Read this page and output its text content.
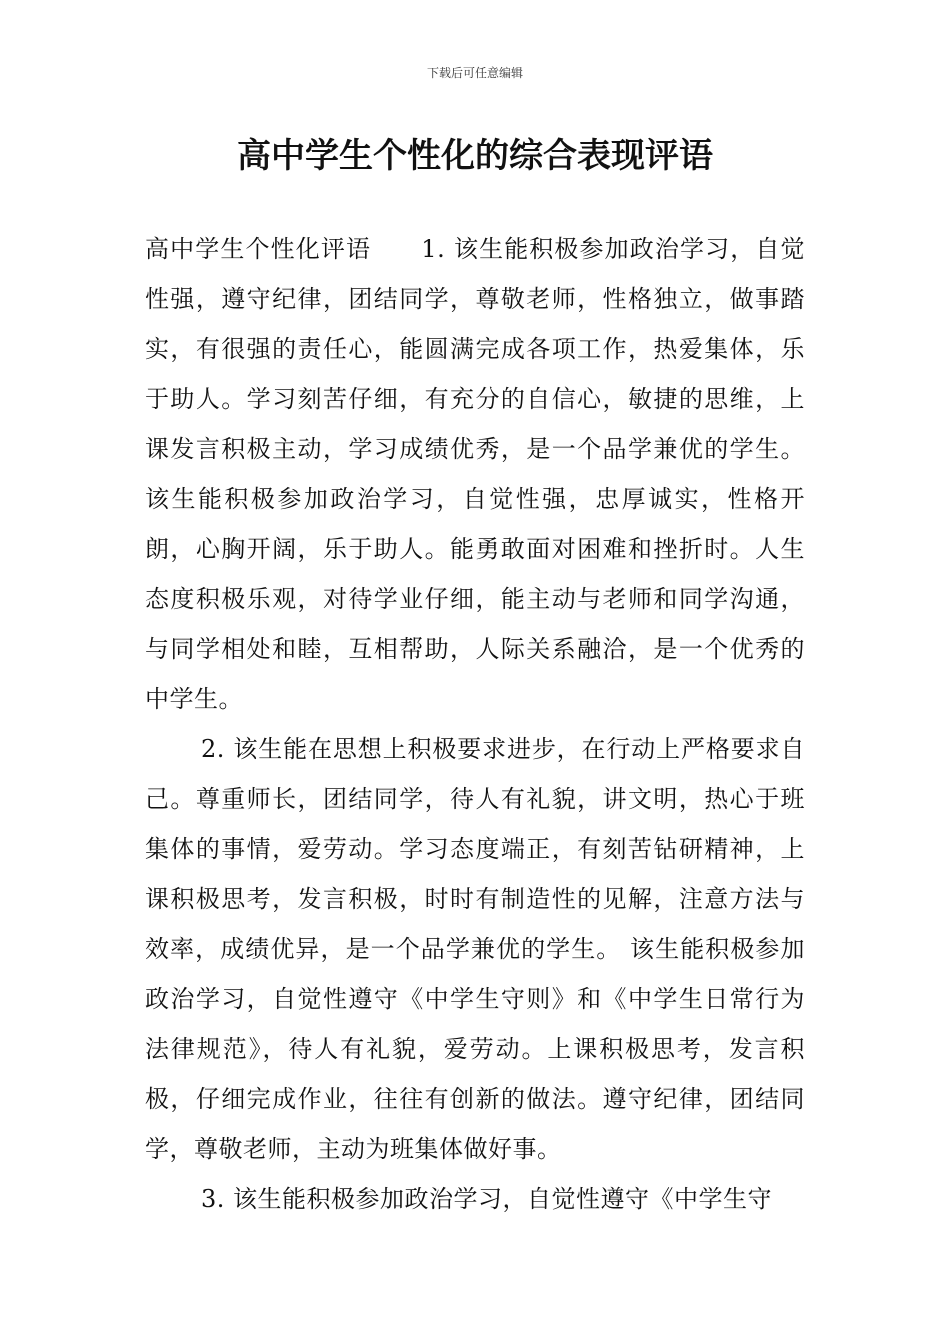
下载后可任意编辑
高中学生个性化的综合表现评语

高中学生个性化评语　　1. 该生能积极参加政治学习，自觉性强，遵守纪律，团结同学，尊敬老师，性格独立，做事踏实，有很强的责任心，能圆满完成各项工作，热爱集体，乐于助人。学习刻苦仔细，有充分的自信心，敏捷的思维，上课发言积极主动，学习成绩优秀，是一个品学兼优的学生。 该生能积极参加政治学习，自觉性强，忠厚诚实，性格开朗，心胸开阔，乐于助人。能勇敢面对困难和挫折时。人生态度积极乐观，对待学业仔细，能主动与老师和同学沟通，与同学相处和睦，互相帮助，人际关系融洽，是一个优秀的中学生。

2. 该生能在思想上积极要求进步，在行动上严格要求自己。尊重师长，团结同学，待人有礼貌，讲文明，热心于班集体的事情，爱劳动。学习态度端正，有刻苦钻研精神，上课积极思考，发言积极，时时有制造性的见解，注意方法与效率，成绩优异，是一个品学兼优的学生。 该生能积极参加政治学习，自觉性遵守《中学生守则》和《中学生日常行为法律规范》，待人有礼貌，爱劳动。上课积极思考，发言积极，仔细完成作业，往往有创新的做法。遵守纪律，团结同学，尊敬老师，主动为班集体做好事。

3. 该生能积极参加政治学习，自觉性遵守《中学生守
